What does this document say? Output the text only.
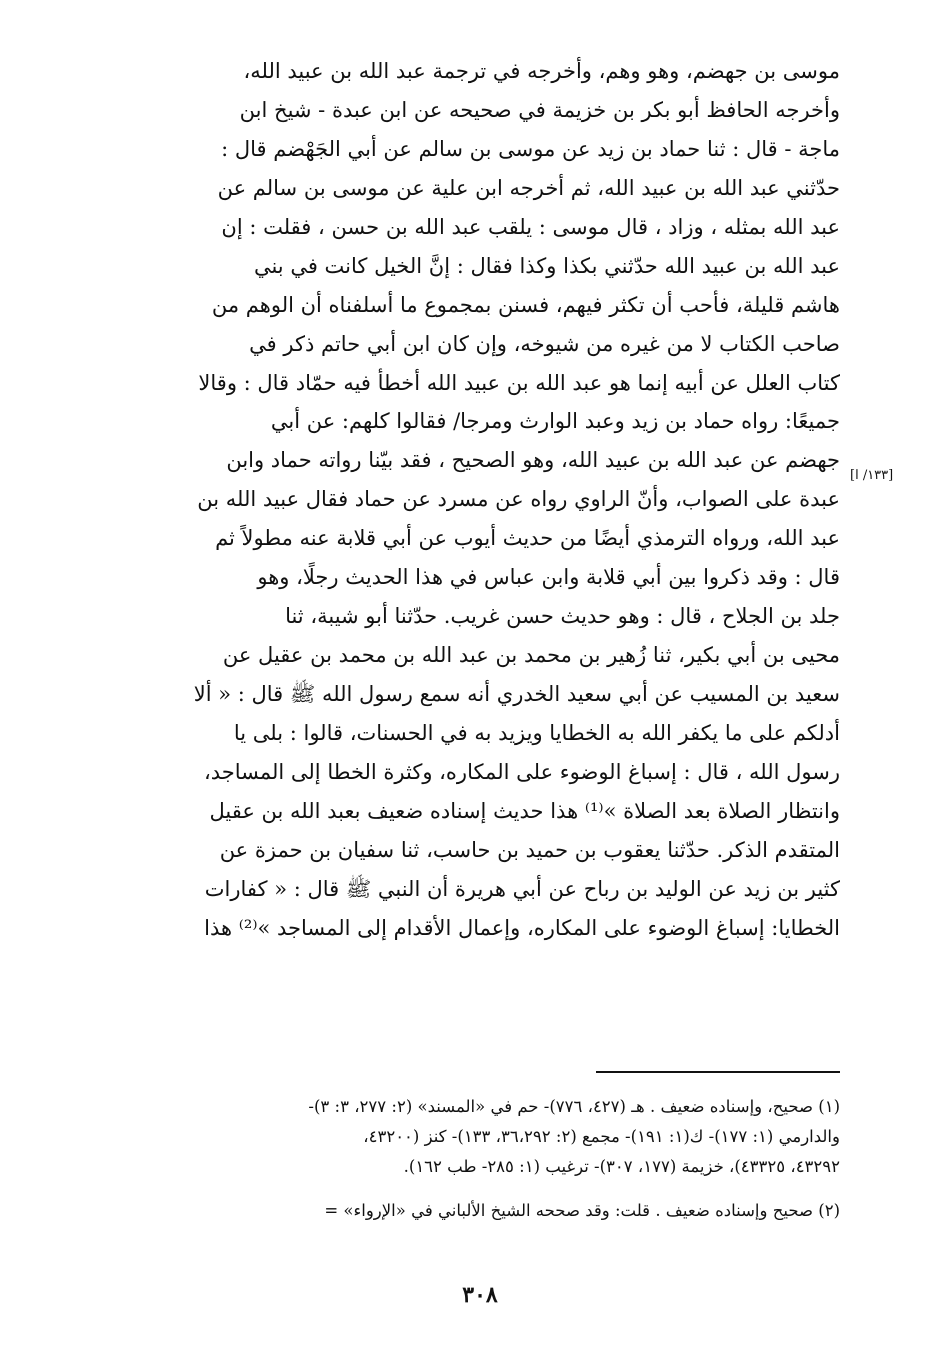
موسى بن جهضم، وهو وهم، وأخرجه في ترجمة عبد الله بن عبيد الله،
وأخرجه الحافظ أبو بكر بن خزيمة في صحيحه عن ابن عبدة - شيخ ابن
ماجة - قال : ثنا حماد بن زيد عن موسى بن سالم عن أبي الجَهْضم قال :
حدّثني عبد الله بن عبيد الله، ثم أخرجه ابن علية عن موسى بن سالم عن
عبد الله بمثله ، وزاد ، قال موسى : يلقب عبد الله بن حسن ، فقلت : إن
عبد الله بن عبيد الله حدّثني بكذا وكذا فقال : إنَّ الخيل كانت في بني
هاشم قليلة، فأحب أن تكثر فيهم، فسنن بمجموع ما أسلفناه أن الوهم من
صاحب الكتاب لا من غيره من شيوخه، وإن كان ابن أبي حاتم ذكر في
كتاب العلل عن أبيه إنما هو عبد الله بن عبيد الله أخطأ فيه حمّاد قال : وقالا
جميعًا: رواه حماد بن زيد وعبد الوارث ومرجا/ فقالوا كلهم: عن أبي
جهضم عن عبد الله بن عبيد الله، وهو الصحيح ، فقد بيّنا رواته حماد وابن
عبدة على الصواب، وأنّ الراوي رواه عن مسرد عن حماد فقال عبيد الله بن
عبد الله، ورواه الترمذي أيضًا من حديث أيوب عن أبي قلابة عنه مطولاً ثم
قال : وقد ذكروا بين أبي قلابة وابن عباس في هذا الحديث رجلًا، وهو
جلد بن الجلاح ، قال : وهو حديث حسن غريب. حدّثنا أبو شيبة، ثنا
محيى بن أبي بكير، ثنا زُهير بن محمد بن عبد الله بن محمد بن عقيل عن
سعيد بن المسيب عن أبي سعيد الخدري أنه سمع رسول الله ﷺ قال : « ألا
أدلكم على ما يكفر الله به الخطايا ويزيد به في الحسنات، قالوا : بلى يا
رسول الله ، قال : إسباغ الوضوء على المكاره، وكثرة الخطا إلى المساجد،
وانتظار الصلاة بعد الصلاة »⁽¹⁾ هذا حديث إسناده ضعيف بعبد الله بن عقيل
المتقدم الذكر. حدّثنا يعقوب بن حميد بن حاسب، ثنا سفيان بن حمزة عن
كثير بن زيد عن الوليد بن رباح عن أبي هريرة أن النبي ﷺ قال : « كفارات
الخطايا: إسباغ الوضوء على المكاره، وإعمال الأقدام إلى المساجد »⁽²⁾ هذا
[١٣٣/ ا]
(١) صحيح، وإسناده ضعيف . هـ (٤٢٧، ٧٧٦)- حم في «المسند» (٢: ٢٧٧، ٣: ٣)-
والدارمي (١: ١٧٧)- ك(١: ١٩١)- مجمع (٢: ٣٦،٢٩٢، ١٣٣)- كنز (٤٣٢٠٠،
٤٣٢٩٢، ٤٣٣٢٥)، خزيمة (١٧٧، ٣٠٧)- ترغيب (١: ٢٨٥- طب ١٦٢).
(٢) صحيح وإسناده ضعيف . قلت: وقد صححه الشيخ الألباني في «الإرواء» =
٣٠٨
